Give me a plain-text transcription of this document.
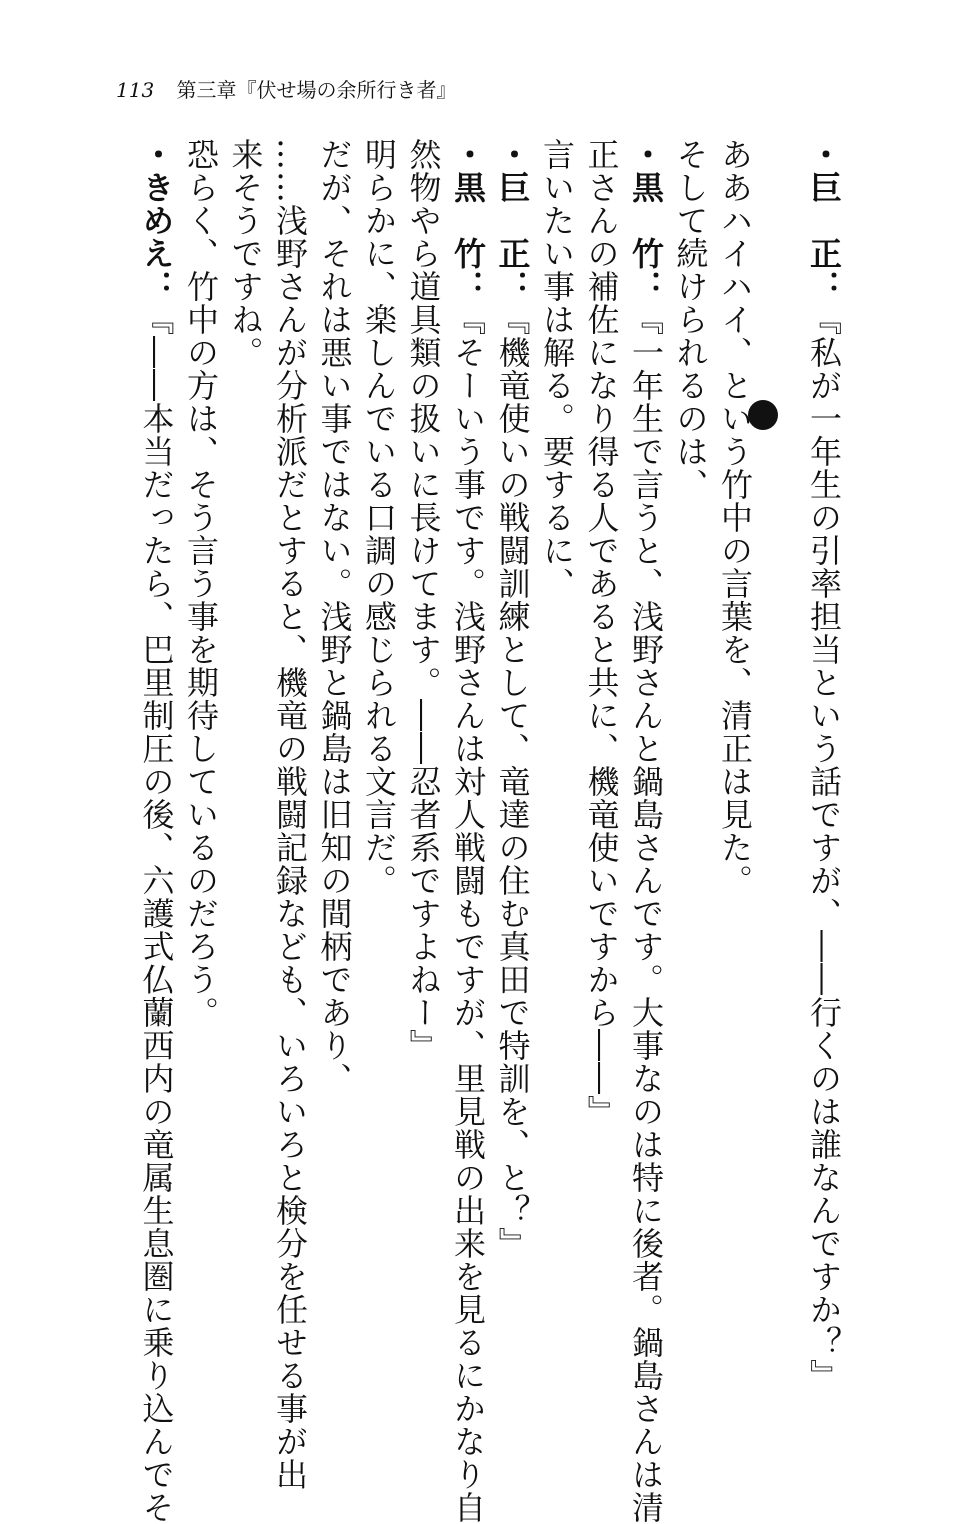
113 第三章『伏せ場の余所行き者』
・巨　正：『私が一年生の引率担当という話ですが、――行くのは誰なんですか？』

ああハイハイ、という竹中の言葉を、清正は見た。
そして続けられるのは、
・黒　竹：『一年生で言うと、浅野さんと鍋島さんです。大事なのは特に後者。鍋島さんは清
正さんの補佐になり得る人であると共に、機竜使いですから――』
言いたい事は解る。要するに、
・巨　正：『機竜使いの戦闘訓練として、竜達の住む真田で特訓を、と？』
・黒　竹：『そーいう事です。浅野さんは対人戦闘もですが、里見戦の出来を見るにかなり自
然物やら道具類の扱いに長けてます。――忍者系ですよねー』
明らかに、楽しんでいる口調の感じられる文言だ。
だが、それは悪い事ではない。浅野と鍋島は旧知の間柄であり、
……浅野さんが分析派だとすると、機竜の戦闘記録なども、いろいろと検分を任せる事が出
来そうですね。
恐らく、竹中の方は、そう言う事を期待しているのだろう。
・きめえ：『――本当だったら、巴里制圧の後、六護式仏蘭西内の竜属生息圏に乗り込んでそ
